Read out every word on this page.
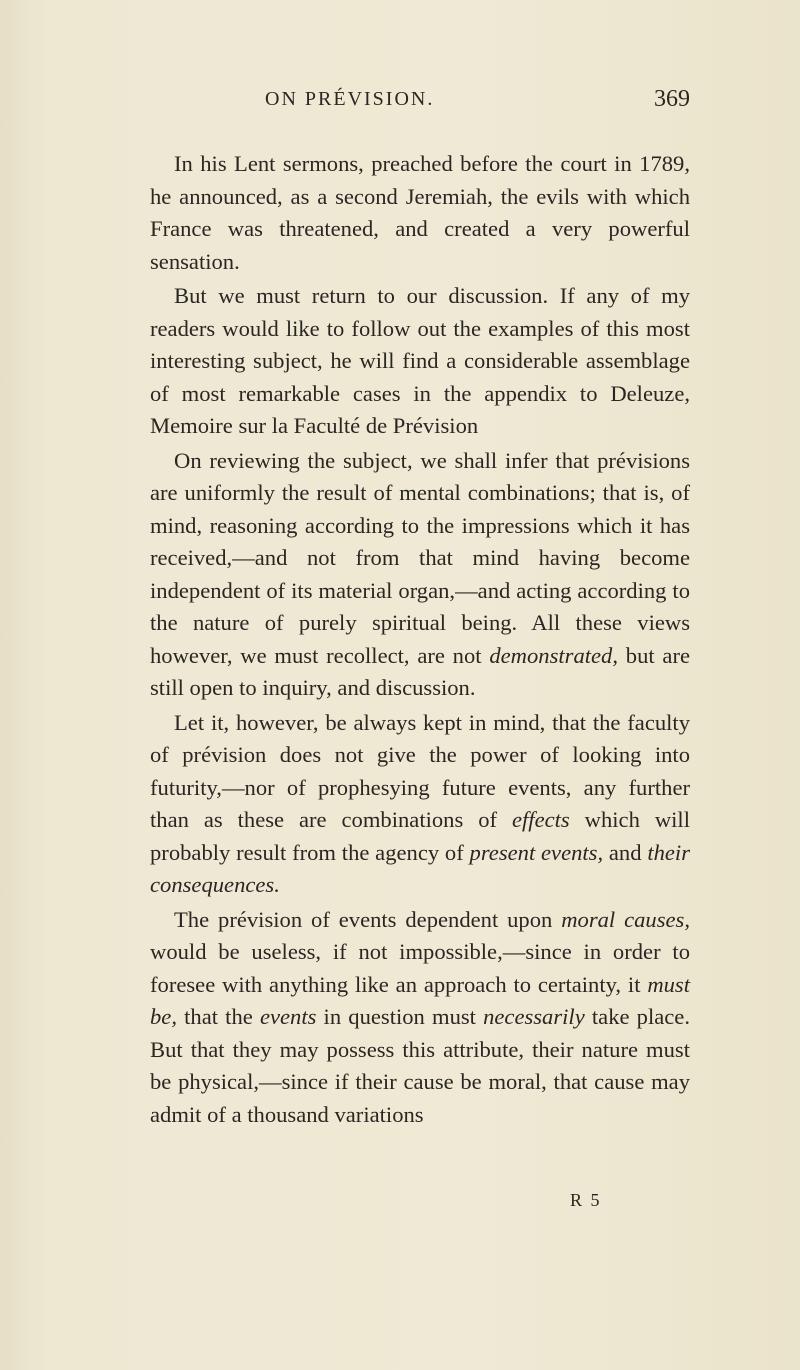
ON PRÉVISION.	369

In his Lent sermons, preached before the court in 1789, he announced, as a second Jeremiah, the evils with which France was threatened, and created a very powerful sensation.

But we must return to our discussion. If any of my readers would like to follow out the examples of this most interesting subject, he will find a considerable assemblage of most remarkable cases in the appendix to Deleuze, Memoire sur la Faculté de Prévision

On reviewing the subject, we shall infer that prévisions are uniformly the result of mental combinations; that is, of mind, reasoning according to the impressions which it has received,—and not from that mind having become independent of its material organ,—and acting according to the nature of purely spiritual being. All these views however, we must recollect, are not demonstrated, but are still open to inquiry, and discussion.

Let it, however, be always kept in mind, that the faculty of prévision does not give the power of looking into futurity,—nor of prophesying future events, any further than as these are combinations of effects which will probably result from the agency of present events, and their consequences.

The prévision of events dependent upon moral causes, would be useless, if not impossible,—since in order to foresee with anything like an approach to certainty, it must be, that the events in question must necessarily take place. But that they may possess this attribute, their nature must be physical,—since if their cause be moral, that cause may admit of a thousand variations

R 5
